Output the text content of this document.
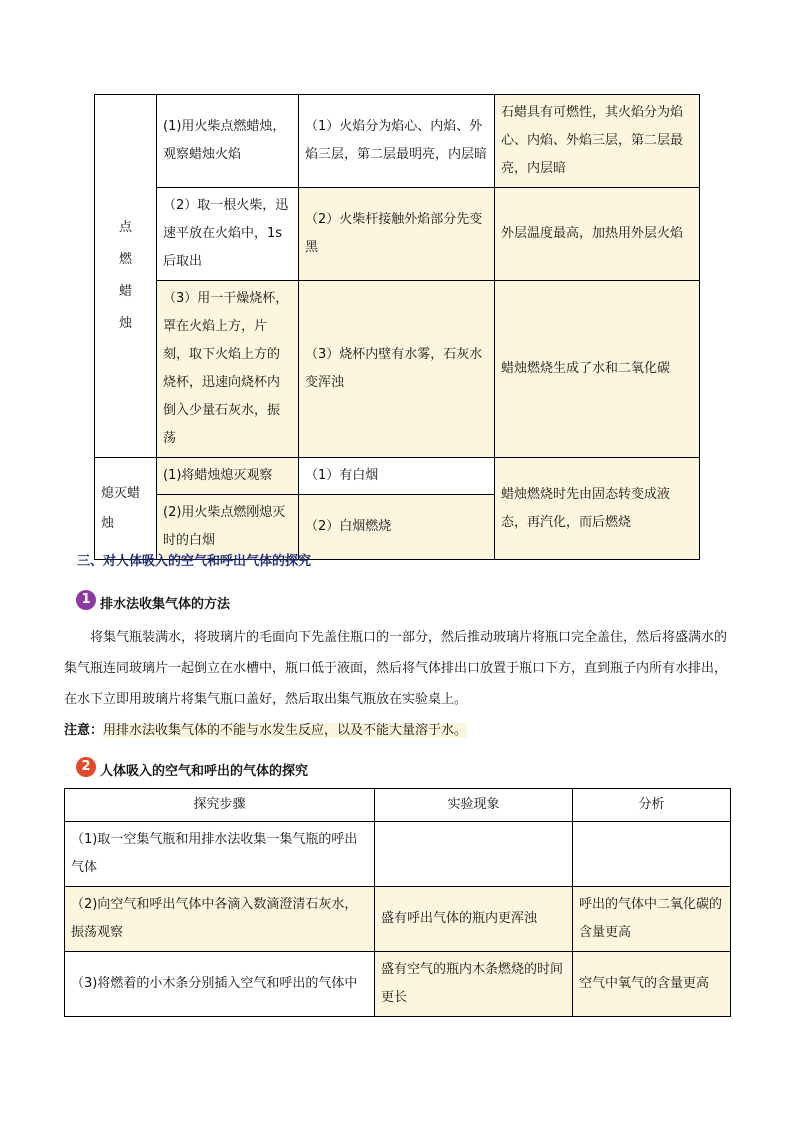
点燃蜡烛	(1)用火柴点燃蜡烛，观察蜡烛火焰	（1）火焰分为焰心、内焰、外焰三层，第二层最明亮，内层暗	石蜡具有可燃性，其火焰分为焰心、内焰、外焰三层，第二层最亮，内层暗
	（2）取一根火柴，迅速平放在火焰中，1s后取出	（2）火柴杆接触外焰部分先变黑	外层温度最高，加热用外层火焰
	（3）用一干燥烧杯，罩在火焰上方，片刻，取下火焰上方的烧杯，迅速向烧杯内倒入少量石灰水，振荡	（3）烧杯内壁有水雾，石灰水变浑浊	蜡烛燃烧生成了水和二氧化碳
熄灭蜡烛	(1)将蜡烛熄灭观察	（1）有白烟	蜡烛燃烧时先由固态转变成液态，再汽化，而后燃烧
	(2)用火柴点燃刚熄灭时的白烟	（2）白烟燃烧	
三、对人体吸入的空气和呼出气体的探究
1 排水法收集气体的方法

将集气瓶装满水，将玻璃片的毛面向下先盖住瓶口的一部分，然后推动玻璃片将瓶口完全盖住，然后将盛满水的集气瓶连同玻璃片一起倒立在水槽中，瓶口低于液面，然后将气体排出口放置于瓶口下方，直到瓶子内所有水排出，在水下立即用玻璃片将集气瓶口盖好，然后取出集气瓶放在实验桌上。

注意：用排水法收集气体的不能与水发生反应，以及不能大量溶于水。
2 人体吸入的空气和呼出的气体的探究
探究步骤	实验现象	分析
（1)取一空集气瓶和用排水法收集一集气瓶的呼出气体		
（2)向空气和呼出气体中各滴入数滴澄清石灰水，振荡观察	盛有呼出气体的瓶内更浑浊	呼出的气体中二氧化碳的含量更高
（3)将燃着的小木条分别插入空气和呼出的气体中	盛有空气的瓶内木条燃烧的时间更长	空气中氧气的含量更高
